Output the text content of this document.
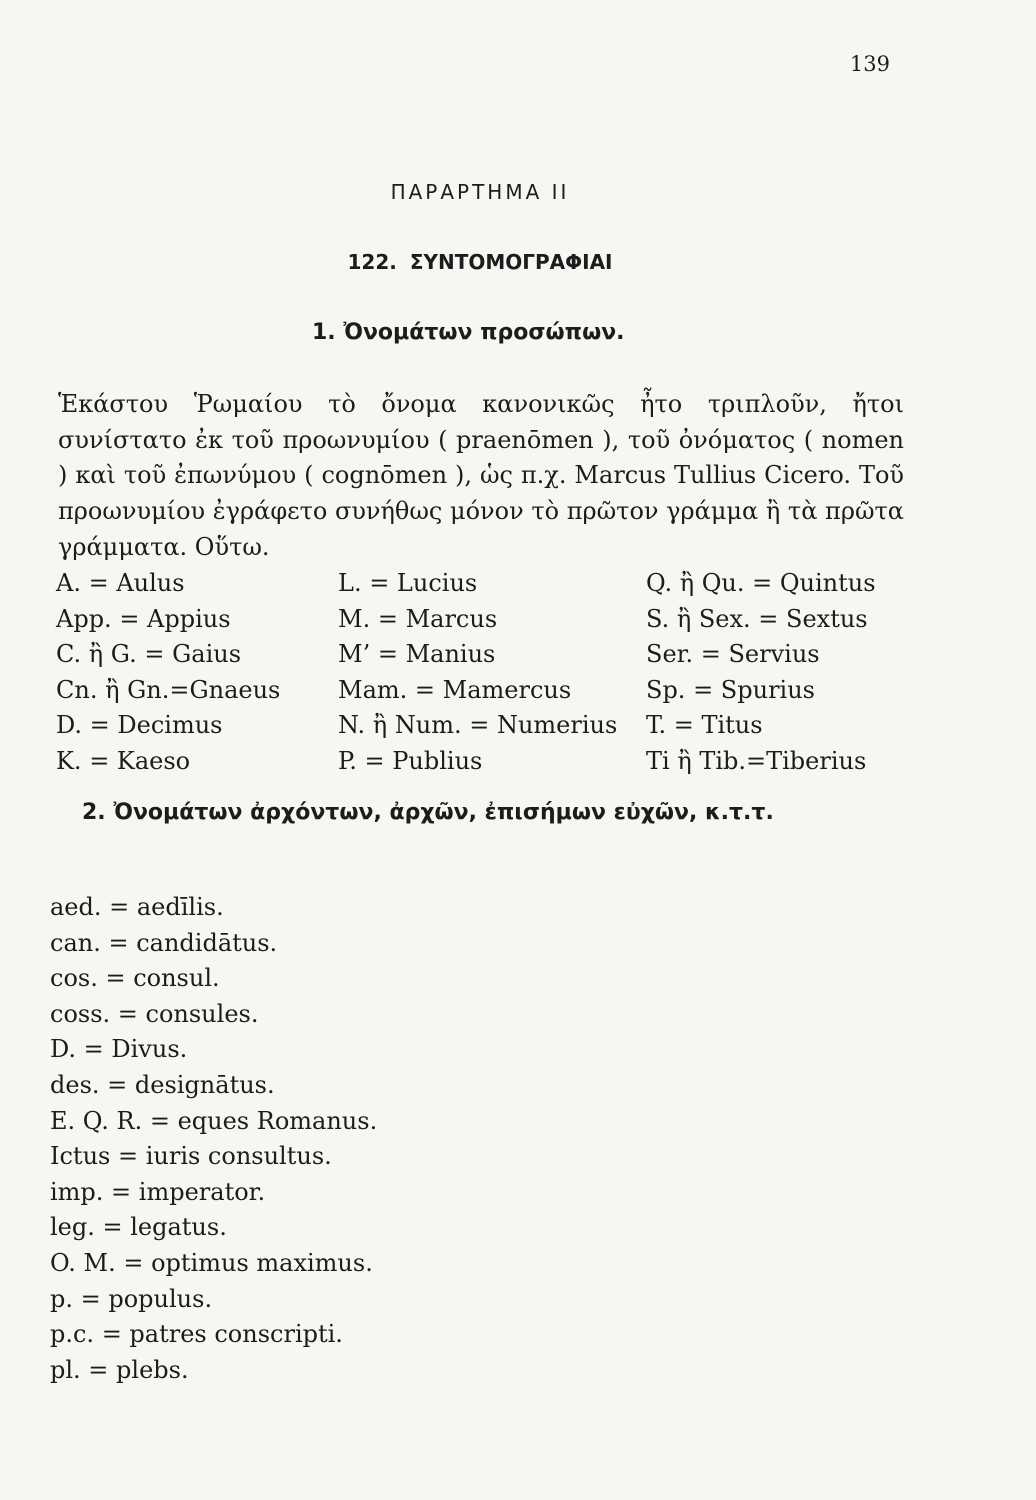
139
ΠΑΡΑΡΤΗΜΑ ΙΙ
122. ΣΥΝΤΟΜΟΓΡΑΦΙΑΙ
1. Ὀνομάτων προσώπων.

Ἑκάστου Ῥωμαίου τὸ ὄνομα κανονικῶς ἦτο τριπλοῦν, ἤτοι συνίστατο ἐκ τοῦ προωνυμίου ( praenōmen ), τοῦ ὀνόματος ( nomen ) καὶ τοῦ ἐπωνύμου ( cognōmen ), ὡς π.χ. Marcus Tullius Cicero. Τοῦ προωνυμίου ἐγράφετο συνήθως μόνον τὸ πρῶτον γράμμα ἢ τὰ πρῶτα γράμματα. Οὕτω.

A. = Aulus
App. = Appius
C. ἢ G. = Gaius
Cn. ἢ Gn.=Gnaeus
D. = Decimus
K. = Kaeso
L. = Lucius
M. = Marcus
M’ = Manius
Mam. = Mamercus
N. ἢ Num. = Numerius
P. = Publius
Q. ἢ Qu. = Quintus
S. ἢ Sex. = Sextus
Ser. = Servius
Sp. = Spurius
T. = Titus
Ti ἢ Tib.=Tiberius
2. Ὀνομάτων ἀρχόντων, ἀρχῶν, ἐπισήμων εὐχῶν, κ.τ.τ.
aed. = aedīlis.
can. = candidātus.
cos. = consul.
coss. = consules.
D. = Divus.
des. = designātus.
E. Q. R. = eques Romanus.
Ictus = iuris consultus.
imp. = imperator.
leg. = legatus.
O. M. = optimus maximus.
p. = populus.
p.c. = patres conscripti.
pl. = plebs.
